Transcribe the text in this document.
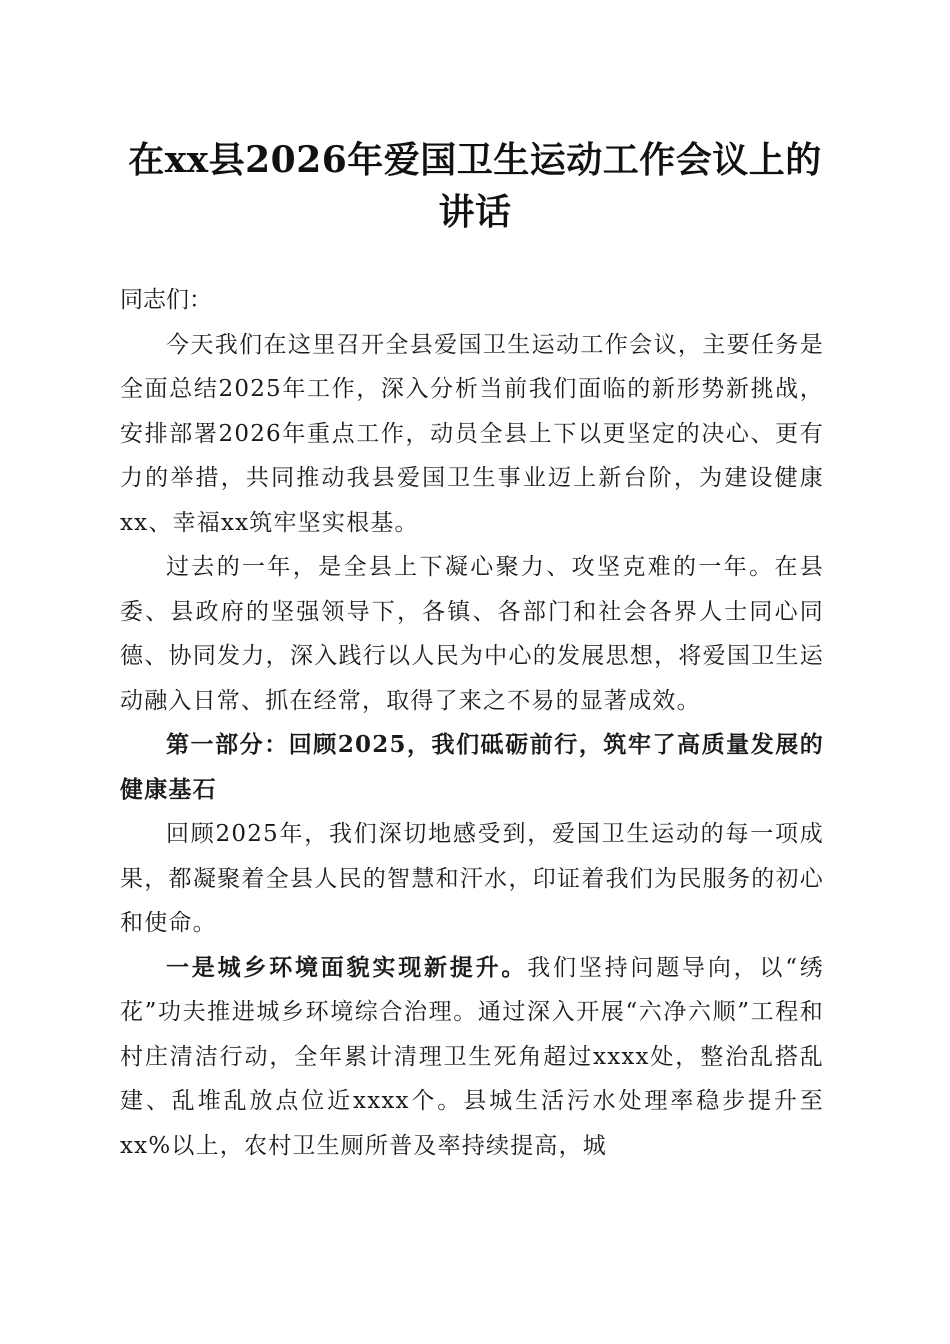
在xx县2026年爱国卫生运动工作会议上的讲话

同志们：

今天我们在这里召开全县爱国卫生运动工作会议，主要任务是全面总结2025年工作，深入分析当前我们面临的新形势新挑战，安排部署2026年重点工作，动员全县上下以更坚定的决心、更有力的举措，共同推动我县爱国卫生事业迈上新台阶，为建设健康xx、幸福xx筑牢坚实根基。

过去的一年，是全县上下凝心聚力、攻坚克难的一年。在县委、县政府的坚强领导下，各镇、各部门和社会各界人士同心同德、协同发力，深入践行以人民为中心的发展思想，将爱国卫生运动融入日常、抓在经常，取得了来之不易的显著成效。

第一部分：回顾2025，我们砥砺前行，筑牢了高质量发展的健康基石

回顾2025年，我们深切地感受到，爱国卫生运动的每一项成果，都凝聚着全县人民的智慧和汗水，印证着我们为民服务的初心和使命。

一是城乡环境面貌实现新提升。我们坚持问题导向，以“绣花”功夫推进城乡环境综合治理。通过深入开展“六净六顺”工程和村庄清洁行动，全年累计清理卫生死角超过xxxx处，整治乱搭乱建、乱堆乱放点位近xxxx个。县城生活污水处理率稳步提升至xx%以上，农村卫生厕所普及率持续提高，城
